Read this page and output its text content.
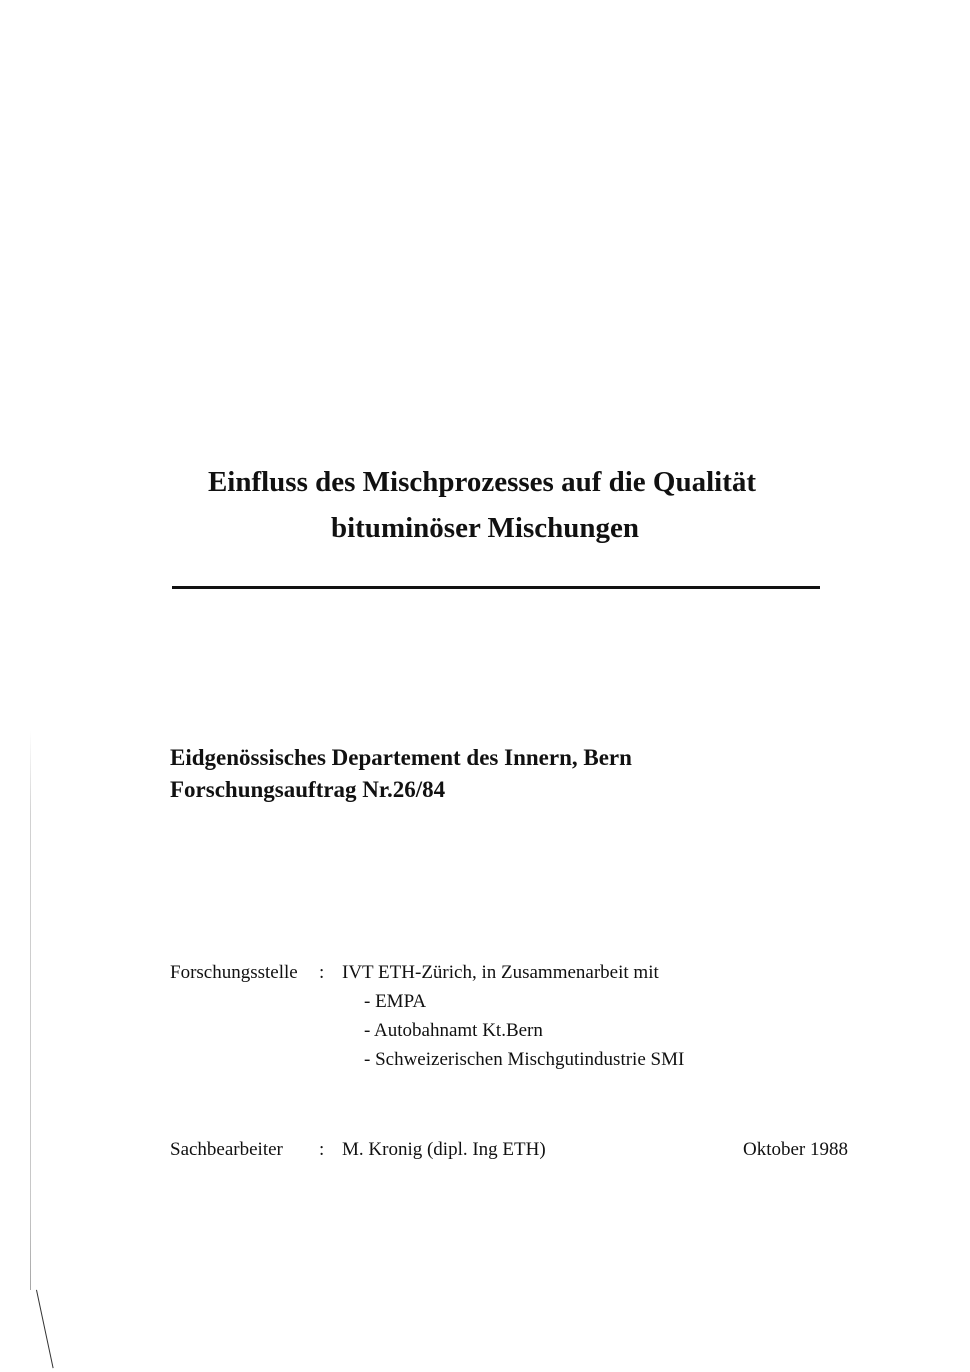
Einfluss des Mischprozesses auf die Qualität
bituminöser Mischungen
Eidgenössisches Departement des Innern, Bern
Forschungsauftrag Nr.26/84
Forschungsstelle : IVT ETH-Zürich, in Zusammenarbeit mit
- EMPA
- Autobahnamt Kt.Bern
- Schweizerischen Mischgutindustrie SMI
Sachbearbeiter : M. Kronig (dipl. Ing ETH)	Oktober 1988
